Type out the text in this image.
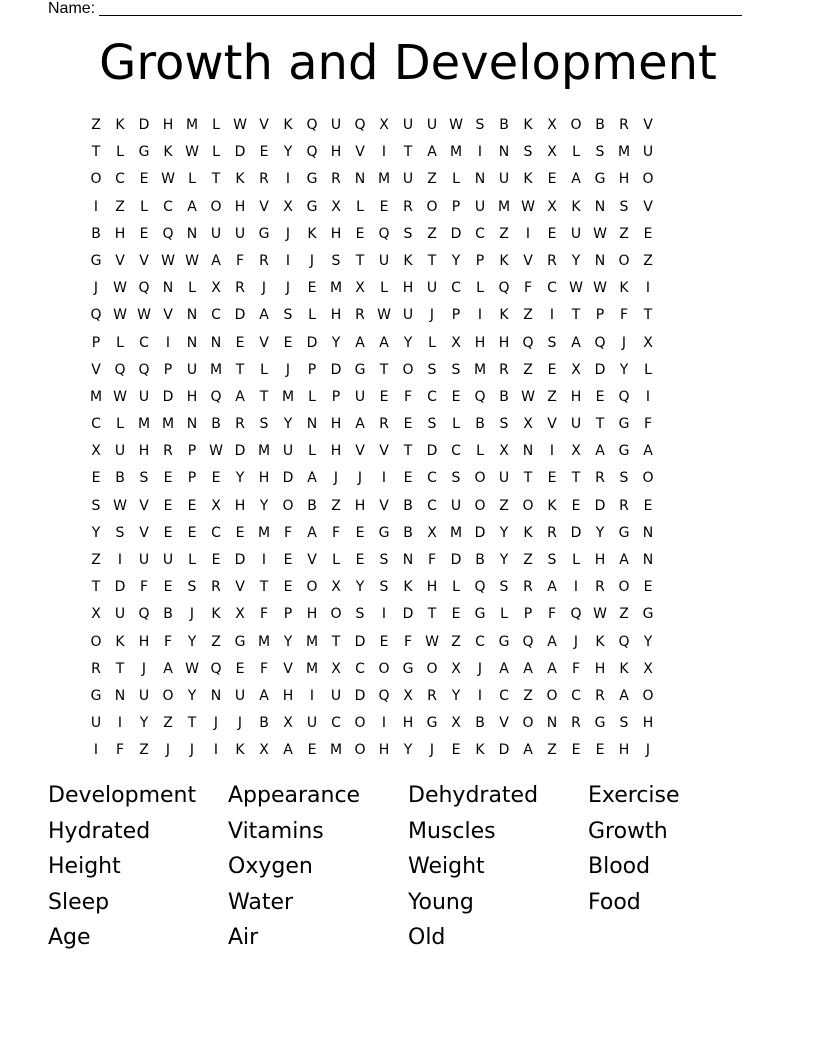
Name:
Growth and Development
Z	K	D H M	L W V	K Q U Q X	U U W S	B	K	X O B	R	V
T	L	G K W L	D	E	Y	Q H V	I	T	A M	I	N	S	X	L	S M U
O C	E W L	T	K	R	I	G R N M U	Z	L	N U	K	E	A G H O
I	Z	L	C	A O H V	X G X	L	E	R O	P	U M W X	K	N	S	V
B H	E	Q N U U G	J	K	H	E	Q	S	Z D C	Z	I	E	U W Z	E
G V	V W W A	F	R	I	J	S	T	U	K	T	Y	P	K	V	R	Y	N O Z
J	W Q N	L	X	R	J	J	E M X	L	H U C	L	Q	F	C W W K	I
Q W W V N C D A	S	L	H R W U	J	P	I	K	Z	I	T	P	F	T
P	L	C	I	N N	E	V	E	D	Y	A	A	Y	L	X H H Q	S	A Q	J	X
V Q Q	P	U M T	L	J	P	D G	T	O	S	S M R	Z	E	X D	Y	L
M W U D H Q A	T M	L	P	U	E	F	C	E	Q B W Z H	E	Q	I
C	L	M M N B	R	S	Y	N H A	R	E	S	L	B	S	X	V	U	T	G	F
X	U H R	P W D M U	L	H V	V	T	D C	L	X N	I	X	A G A
E	B	S	E	P	E	Y	H D A	J	J	I	E	C	S	O U	T	E	T	R	S	O
S W V	E	E	X H	Y	O B	Z H V	B	C U O Z O K	E	D R	E
Y	S	V	E	E	C	E M F	A	F	E	G B	X M D	Y	K	R D	Y	G N
Z	I	U U	L	E	D	I	E	V	L	E	S	N	F	D B	Y	Z	S	L	H A N
T	D	F	E	S	R	V	T	E	O X	Y	S	K	H	L	Q	S	R	A	I	R O	E
X	U Q B	J	K	X	F	P	H O	S	I	D	T	E	G	L	P	F	Q W Z G
O K	H	F	Y	Z G M Y M T	D	E	F W Z	C G Q A	J	K Q	Y
R	T	J	A W Q	E	F	V M X	C O G O X	J	A	A	A	F	H	K	X
G N U O	Y	N U	A H	I	U D Q X	R	Y	I	C	Z O C	R	A O
U	I	Y	Z	T	J	J	B	X	U C O	I	H G X	B	V O N R G	S	H
I	F	Z	J	J	I	K	X	A	E M O H	Y	J	E	K	D A	Z	E	E	H	J
Development	Appearance	Dehydrated	Exercise
Hydrated	Vitamins	Muscles	Growth
Height	Oxygen	Weight	Blood
Sleep	Water	Young	Food
Age	Air	Old
